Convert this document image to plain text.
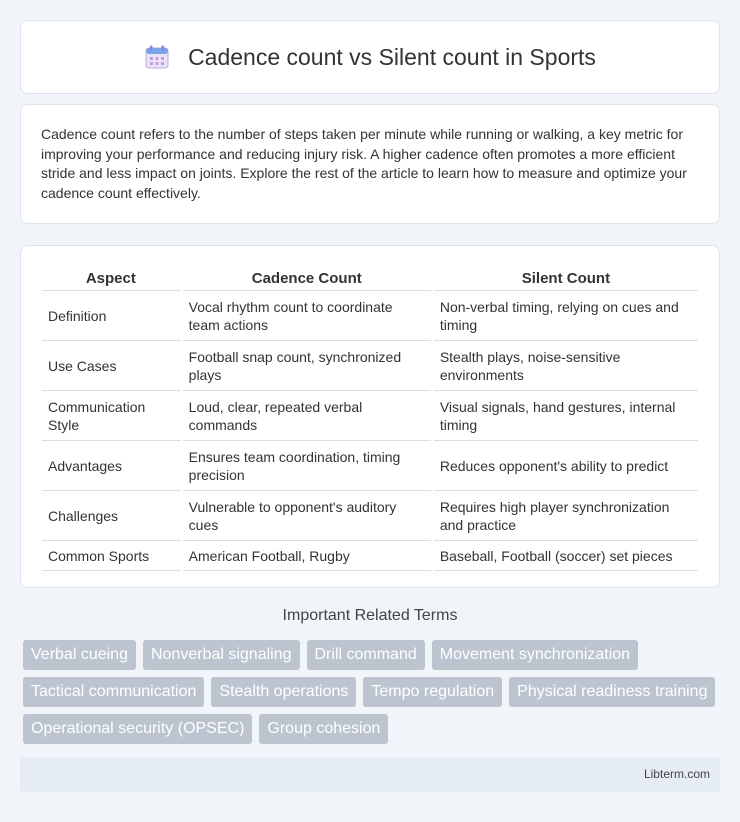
Cadence count vs Silent count in Sports

Cadence count refers to the number of steps taken per minute while running or walking, a key metric for improving your performance and reducing injury risk. A higher cadence often promotes a more efficient stride and less impact on joints. Explore the rest of the article to learn how to measure and optimize your cadence count effectively.

Aspect	Cadence Count	Silent Count
Definition	Vocal rhythm count to coordinate team actions	Non-verbal timing, relying on cues and timing
Use Cases	Football snap count, synchronized plays	Stealth plays, noise-sensitive environments
Communication Style	Loud, clear, repeated verbal commands	Visual signals, hand gestures, internal timing
Advantages	Ensures team coordination, timing precision	Reduces opponent's ability to predict
Challenges	Vulnerable to opponent's auditory cues	Requires high player synchronization and practice
Common Sports	American Football, Rugby	Baseball, Football (soccer) set pieces
Important Related Terms
Verbal cueing	Nonverbal signaling	Drill command	Movement synchronization
Tactical communication	Stealth operations	Tempo regulation	Physical readiness training
Operational security (OPSEC)	Group cohesion
Libterm.com
